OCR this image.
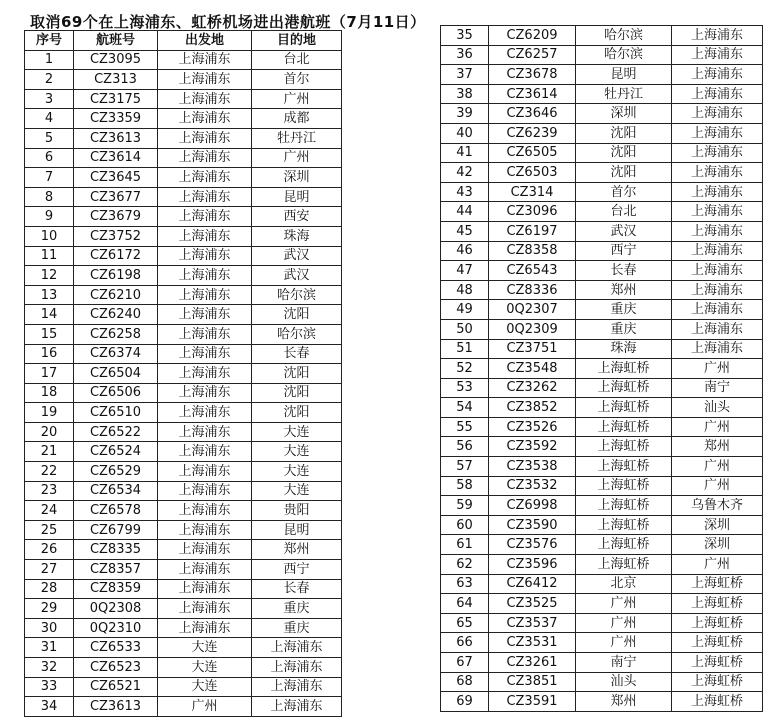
取消69个在上海浦东、虹桥机场进出港航班（7月11日）
序号	航班号	出发地	目的地
1	CZ3095	上海浦东	台北
2	CZ313	上海浦东	首尔
3	CZ3175	上海浦东	广州
4	CZ3359	上海浦东	成都
5	CZ3613	上海浦东	牡丹江
6	CZ3614	上海浦东	广州
7	CZ3645	上海浦东	深圳
8	CZ3677	上海浦东	昆明
9	CZ3679	上海浦东	西安
10	CZ3752	上海浦东	珠海
11	CZ6172	上海浦东	武汉
12	CZ6198	上海浦东	武汉
13	CZ6210	上海浦东	哈尔滨
14	CZ6240	上海浦东	沈阳
15	CZ6258	上海浦东	哈尔滨
16	CZ6374	上海浦东	长春
17	CZ6504	上海浦东	沈阳
18	CZ6506	上海浦东	沈阳
19	CZ6510	上海浦东	沈阳
20	CZ6522	上海浦东	大连
21	CZ6524	上海浦东	大连
22	CZ6529	上海浦东	大连
23	CZ6534	上海浦东	大连
24	CZ6578	上海浦东	贵阳
25	CZ6799	上海浦东	昆明
26	CZ8335	上海浦东	郑州
27	CZ8357	上海浦东	西宁
28	CZ8359	上海浦东	长春
29	0Q2308	上海浦东	重庆
30	0Q2310	上海浦东	重庆
31	CZ6533	大连	上海浦东
32	CZ6523	大连	上海浦东
33	CZ6521	大连	上海浦东
34	CZ3613	广州	上海浦东
35	CZ6209	哈尔滨	上海浦东
36	CZ6257	哈尔滨	上海浦东
37	CZ3678	昆明	上海浦东
38	CZ3614	牡丹江	上海浦东
39	CZ3646	深圳	上海浦东
40	CZ6239	沈阳	上海浦东
41	CZ6505	沈阳	上海浦东
42	CZ6503	沈阳	上海浦东
43	CZ314	首尔	上海浦东
44	CZ3096	台北	上海浦东
45	CZ6197	武汉	上海浦东
46	CZ8358	西宁	上海浦东
47	CZ6543	长春	上海浦东
48	CZ8336	郑州	上海浦东
49	0Q2307	重庆	上海浦东
50	0Q2309	重庆	上海浦东
51	CZ3751	珠海	上海浦东
52	CZ3548	上海虹桥	广州
53	CZ3262	上海虹桥	南宁
54	CZ3852	上海虹桥	汕头
55	CZ3526	上海虹桥	广州
56	CZ3592	上海虹桥	郑州
57	CZ3538	上海虹桥	广州
58	CZ3532	上海虹桥	广州
59	CZ6998	上海虹桥	乌鲁木齐
60	CZ3590	上海虹桥	深圳
61	CZ3576	上海虹桥	深圳
62	CZ3596	上海虹桥	广州
63	CZ6412	北京	上海虹桥
64	CZ3525	广州	上海虹桥
65	CZ3537	广州	上海虹桥
66	CZ3531	广州	上海虹桥
67	CZ3261	南宁	上海虹桥
68	CZ3851	汕头	上海虹桥
69	CZ3591	郑州	上海虹桥
